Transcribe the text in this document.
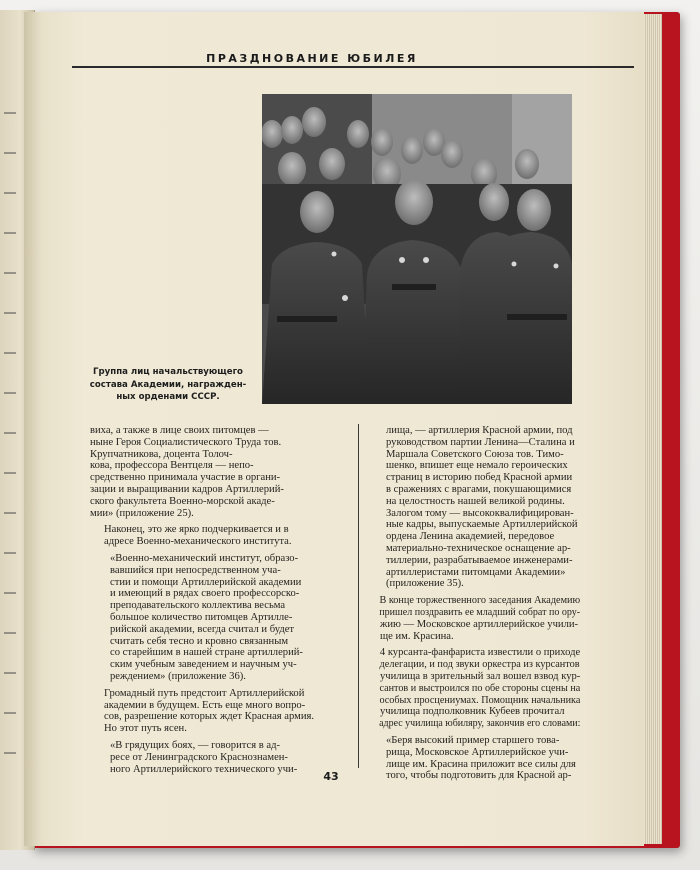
ПРАЗДНОВАНИЕ ЮБИЛЕЯ
Группа лиц начальствующего
состава Академии, награжден-
ных орденами СССР.

виха, а также в лице своих питомцев —
ныне Героя Социалистического Труда тов.
Крупчатникова, доцента Толоч-
кова, профессора Вентцеля — непо-
средственно принимала участие в органи-
зации и выращивании кадров Артиллерий-
ского факультета Военно-морской акаде-
мии» (приложение 25).

Наконец, это же ярко подчеркивается и в
адресе Военно-механического института.

«Военно-механический институт, образо-
вавшийся при непосредственном уча-
стии и помощи Артиллерийской академии
и имеющий в рядах своего профессорско-
преподавательского коллектива весьма
большое количество питомцев Артилле-
рийской академии, всегда считал и будет
считать себя тесно и кровно связанным
со старейшим в нашей стране артиллерий-
ским учебным заведением и научным уч-
реждением» (приложение 36).

Громадный путь предстоит Артиллерийской
академии в будущем. Есть еще много вопро-
сов, разрешение которых ждет Красная армия.
Но этот путь ясен.

«В грядущих боях, — говорится в ад-
ресе от Ленинградского Краснознамен-
ного Артиллерийского технического учи-

лища, — артиллерия Красной армии, под
руководством партии Ленина—Сталина и
Маршала Советского Союза тов. Тимо-
шенко, впишет еще немало героических
страниц в историю побед Красной армии
в сражениях с врагами, покушающимися
на целостность нашей великой родины.
Залогом тому — высококвалифицирован-
ные кадры, выпускаемые Артиллерийской
ордена Ленина академией, передовое
материально-техническое оснащение ар-
тиллерии, разрабатываемое инженерами-
артиллеристами питомцами Академии»
(приложение 35).

В конце торжественного заседания Академию
пришел поздравить ее младший собрат по ору-
жию — Московское артиллерийское учили-
ще им. Красина.

4 курсанта-фанфариста известили о приходе
делегации, и под звуки оркестра из курсантов
училища в зрительный зал вошел взвод кур-
сантов и выстроился по обе стороны сцены на
особых просцениумах. Помощник начальника
училища подполковник Кубеев прочитал
адрес училища юбиляру, закончив его словами:

«Беря высокий пример старшего това-
рища, Московское Артиллерийское учи-
лище им. Красина приложит все силы для
того, чтобы подготовить для Красной ар-

43
